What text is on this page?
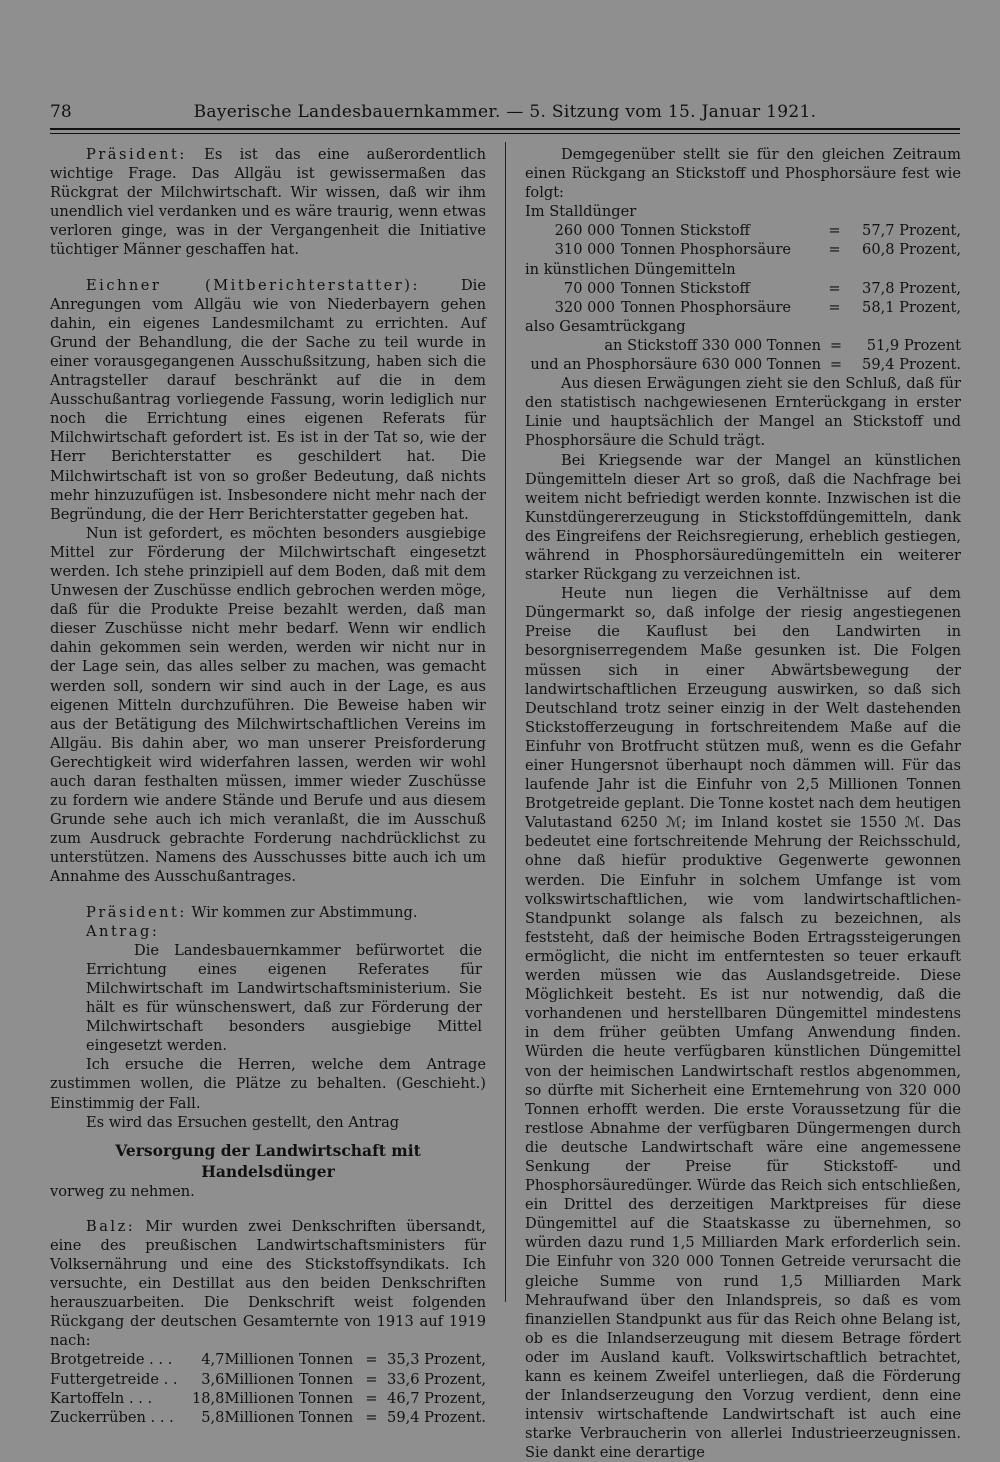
78	Bayerische Landesbauernkammer. — 5. Sitzung vom 15. Januar 1921.

Präsident: Es ist das eine außerordentlich wichtige Frage. Das Allgäu ist gewissermaßen das Rückgrat der Milchwirtschaft. Wir wissen, daß wir ihm unendlich viel verdanken und es wäre traurig, wenn etwas verloren ginge, was in der Vergangenheit die Initiative tüchtiger Männer geschaffen hat.

Eichner (Mitberichterstatter):	Die Anregungen vom Allgäu wie von Niederbayern gehen dahin, ein eigenes Landesmilchamt zu errichten. Auf Grund der Behandlung, die der Sache zu teil wurde in einer vorausgegangenen Ausschußsitzung, haben sich die Antragsteller darauf beschränkt auf die in dem Ausschußantrag vorliegende Fassung, worin lediglich nur noch die Errichtung eines eigenen Referats für Milchwirtschaft gefordert ist. Es ist in der Tat so, wie der Herr Berichterstatter es geschildert hat. Die Milchwirtschaft ist von so großer Bedeutung, daß nichts mehr hinzuzufügen ist. Insbesondere nicht mehr nach der Begründung, die der Herr Berichterstatter gegeben hat.

Nun ist gefordert, es möchten besonders ausgiebige Mittel zur Förderung der Milchwirtschaft eingesetzt werden. Ich stehe prinzipiell auf dem Boden, daß mit dem Unwesen der Zuschüsse endlich gebrochen werden möge, daß für die Produkte Preise bezahlt werden, daß man dieser Zuschüsse nicht mehr bedarf. Wenn wir endlich dahin gekommen sein werden, werden wir nicht nur in der Lage sein, das alles selber zu machen, was gemacht werden soll, sondern wir sind auch in der Lage, es aus eigenen Mitteln durchzuführen. Die Beweise haben wir aus der Betätigung des Milchwirtschaftlichen Vereins im Allgäu. Bis dahin aber, wo man unserer Preisforderung Gerechtigkeit wird widerfahren lassen, werden wir wohl auch daran festhalten müssen, immer wieder Zuschüsse zu fordern wie andere Stände und Berufe und aus diesem Grunde sehe auch ich mich veranlaßt, die im Ausschuß zum Ausdruck gebrachte Forderung nachdrücklichst zu unterstützen. Namens des Ausschusses bitte auch ich um Annahme des Ausschußantrages.

Präsident: Wir kommen zur Abstimmung.

Antrag:

Die Landesbauernkammer befürwortet die Errichtung eines eigenen Referates für Milchwirtschaft im Landwirtschaftsministerium. Sie hält es für wünschenswert, daß zur Förderung der Milchwirtschaft besonders ausgiebige Mittel eingesetzt werden.

Ich ersuche die Herren, welche dem Antrage zustimmen wollen, die Plätze zu behalten. (Geschieht.) Einstimmig der Fall.

Es wird das Ersuchen gestellt, den Antrag

Versorgung der Landwirtschaft mit
Handelsdünger

vorweg zu nehmen.

Balz: Mir wurden zwei Denkschriften übersandt, eine des preußischen Landwirtschaftsministers für Volksernährung und eine des Stickstoffsyndikats. Ich versuchte, ein Destillat aus den beiden Denkschriften herauszuarbeiten. Die Denkschrift weist folgenden Rückgang der deutschen Gesamternte von 1913 auf 1919 nach:

Brotgetreide . . .	4,7	Millionen Tonnen	=	35,3 Prozent,
Futtergetreide . .	3,6	Millionen Tonnen	=	33,6 Prozent,
Kartoffeln . . .	18,8	Millionen Tonnen	=	46,7 Prozent,
Zuckerrüben . . .	5,8	Millionen Tonnen	=	59,4 Prozent.

Demgegenüber stellt sie für den gleichen Zeitraum einen Rückgang an Stickstoff und Phosphorsäure fest wie folgt:

Im Stalldünger

260 000	Tonnen Stickstoff	=	57,7 Prozent,
310 000	Tonnen Phosphorsäure	=	60,8 Prozent,

in künstlichen Düngemitteln

70 000	Tonnen Stickstoff	=	37,8 Prozent,
320 000	Tonnen Phosphorsäure	=	58,1 Prozent,

also Gesamtrückgang

an Stickstoff 330 000 Tonnen	=	51,9 Prozent
und an Phosphorsäure 630 000 Tonnen	=	59,4 Prozent.

Aus diesen Erwägungen zieht sie den Schluß, daß für den statistisch nachgewiesenen Ernterückgang in erster Linie und hauptsächlich der Mangel an Stickstoff und Phosphorsäure die Schuld trägt.

Bei Kriegsende war der Mangel an künstlichen Düngemitteln dieser Art so groß, daß die Nachfrage bei weitem nicht befriedigt werden konnte. Inzwischen ist die Kunstdüngererzeugung in Stickstoffdüngemitteln, dank des Eingreifens der Reichsregierung, erheblich gestiegen, während in Phosphorsäuredüngemitteln ein weiterer starker Rückgang zu verzeichnen ist.

Heute nun liegen die Verhältnisse auf dem Düngermarkt so, daß infolge der riesig angestiegenen Preise die Kauflust bei den Landwirten in besorgniserregendem Maße gesunken ist. Die Folgen müssen sich in einer Abwärtsbewegung der landwirtschaftlichen Erzeugung auswirken, so daß sich Deutschland trotz seiner einzig in der Welt dastehenden Stickstofferzeugung in fortschreitendem Maße auf die Einfuhr von Brotfrucht stützen muß, wenn es die Gefahr einer Hungersnot überhaupt noch dämmen will. Für das laufende Jahr ist die Einfuhr von 2,5 Millionen Tonnen Brotgetreide geplant. Die Tonne kostet nach dem heutigen Valutastand 6250 ℳ; im Inland kostet sie 1550 ℳ. Das bedeutet eine fortschreitende Mehrung der Reichsschuld, ohne daß hiefür produktive Gegenwerte gewonnen werden. Die Einfuhr in solchem Umfange ist vom volkswirtschaftlichen, wie vom landwirtschaftlichen-Standpunkt solange als falsch zu bezeichnen, als feststeht, daß der heimische Boden Ertragssteigerungen ermöglicht, die nicht im entferntesten so teuer erkauft werden müssen wie das Auslandsgetreide. Diese Möglichkeit besteht. Es ist nur notwendig, daß die vorhandenen und herstellbaren Düngemittel mindestens in dem früher geübten Umfang Anwendung finden. Würden die heute verfügbaren künstlichen Düngemittel von der heimischen Landwirtschaft restlos abgenommen, so dürfte mit Sicherheit eine Erntemehrung von 320 000 Tonnen erhofft werden. Die erste Voraussetzung für die restlose Abnahme der verfügbaren Düngermengen durch die deutsche Landwirtschaft wäre eine angemessene Senkung der Preise für Stickstoff- und Phosphorsäuredünger. Würde das Reich sich entschließen, ein Drittel des derzeitigen Marktpreises für diese Düngemittel auf die Staatskasse zu übernehmen, so würden dazu rund 1,5 Milliarden Mark erforderlich sein. Die Einfuhr von 320 000 Tonnen Getreide verursacht die gleiche Summe von rund 1,5 Milliarden Mark Mehraufwand über den Inlandspreis, so daß es vom finanziellen Standpunkt aus für das Reich ohne Belang ist, ob es die Inlandserzeugung mit diesem Betrage fördert oder im Ausland kauft. Volkswirtschaftlich betrachtet, kann es keinem Zweifel unterliegen, daß die Förderung der Inlandserzeugung den Vorzug verdient, denn eine intensiv wirtschaftende Landwirtschaft ist auch eine starke Verbraucherin von allerlei Industrieerzeugnissen. Sie dankt eine derartige
